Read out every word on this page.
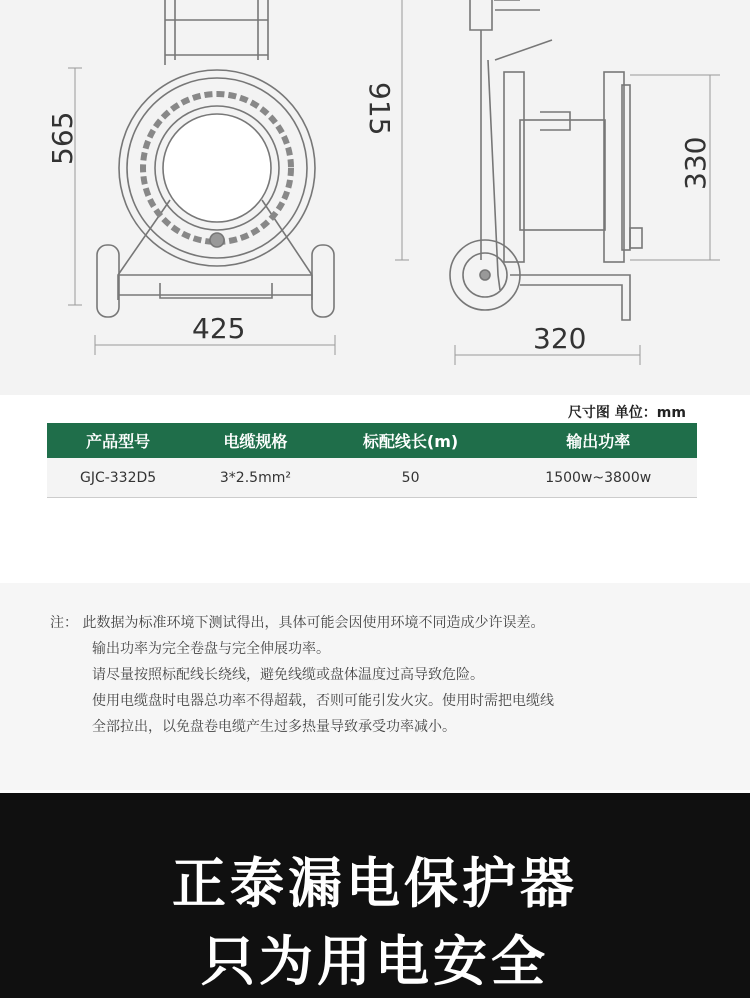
565
425
915
320
330
尺寸图 单位：mm
产品型号	电缆规格	标配线长(m)	输出功率
GJC-332D5	3*2.5mm²	50	1500w~3800w
注： 此数据为标准环境下测试得出，具体可能会因使用环境不同造成少许误差。
输出功率为完全卷盘与完全伸展功率。
请尽量按照标配线长绕线，避免线缆或盘体温度过高导致危险。
使用电缆盘时电器总功率不得超载，否则可能引发火灾。使用时需把电缆线
全部拉出，以免盘卷电缆产生过多热量导致承受功率减小。
正泰漏电保护器
只为用电安全
